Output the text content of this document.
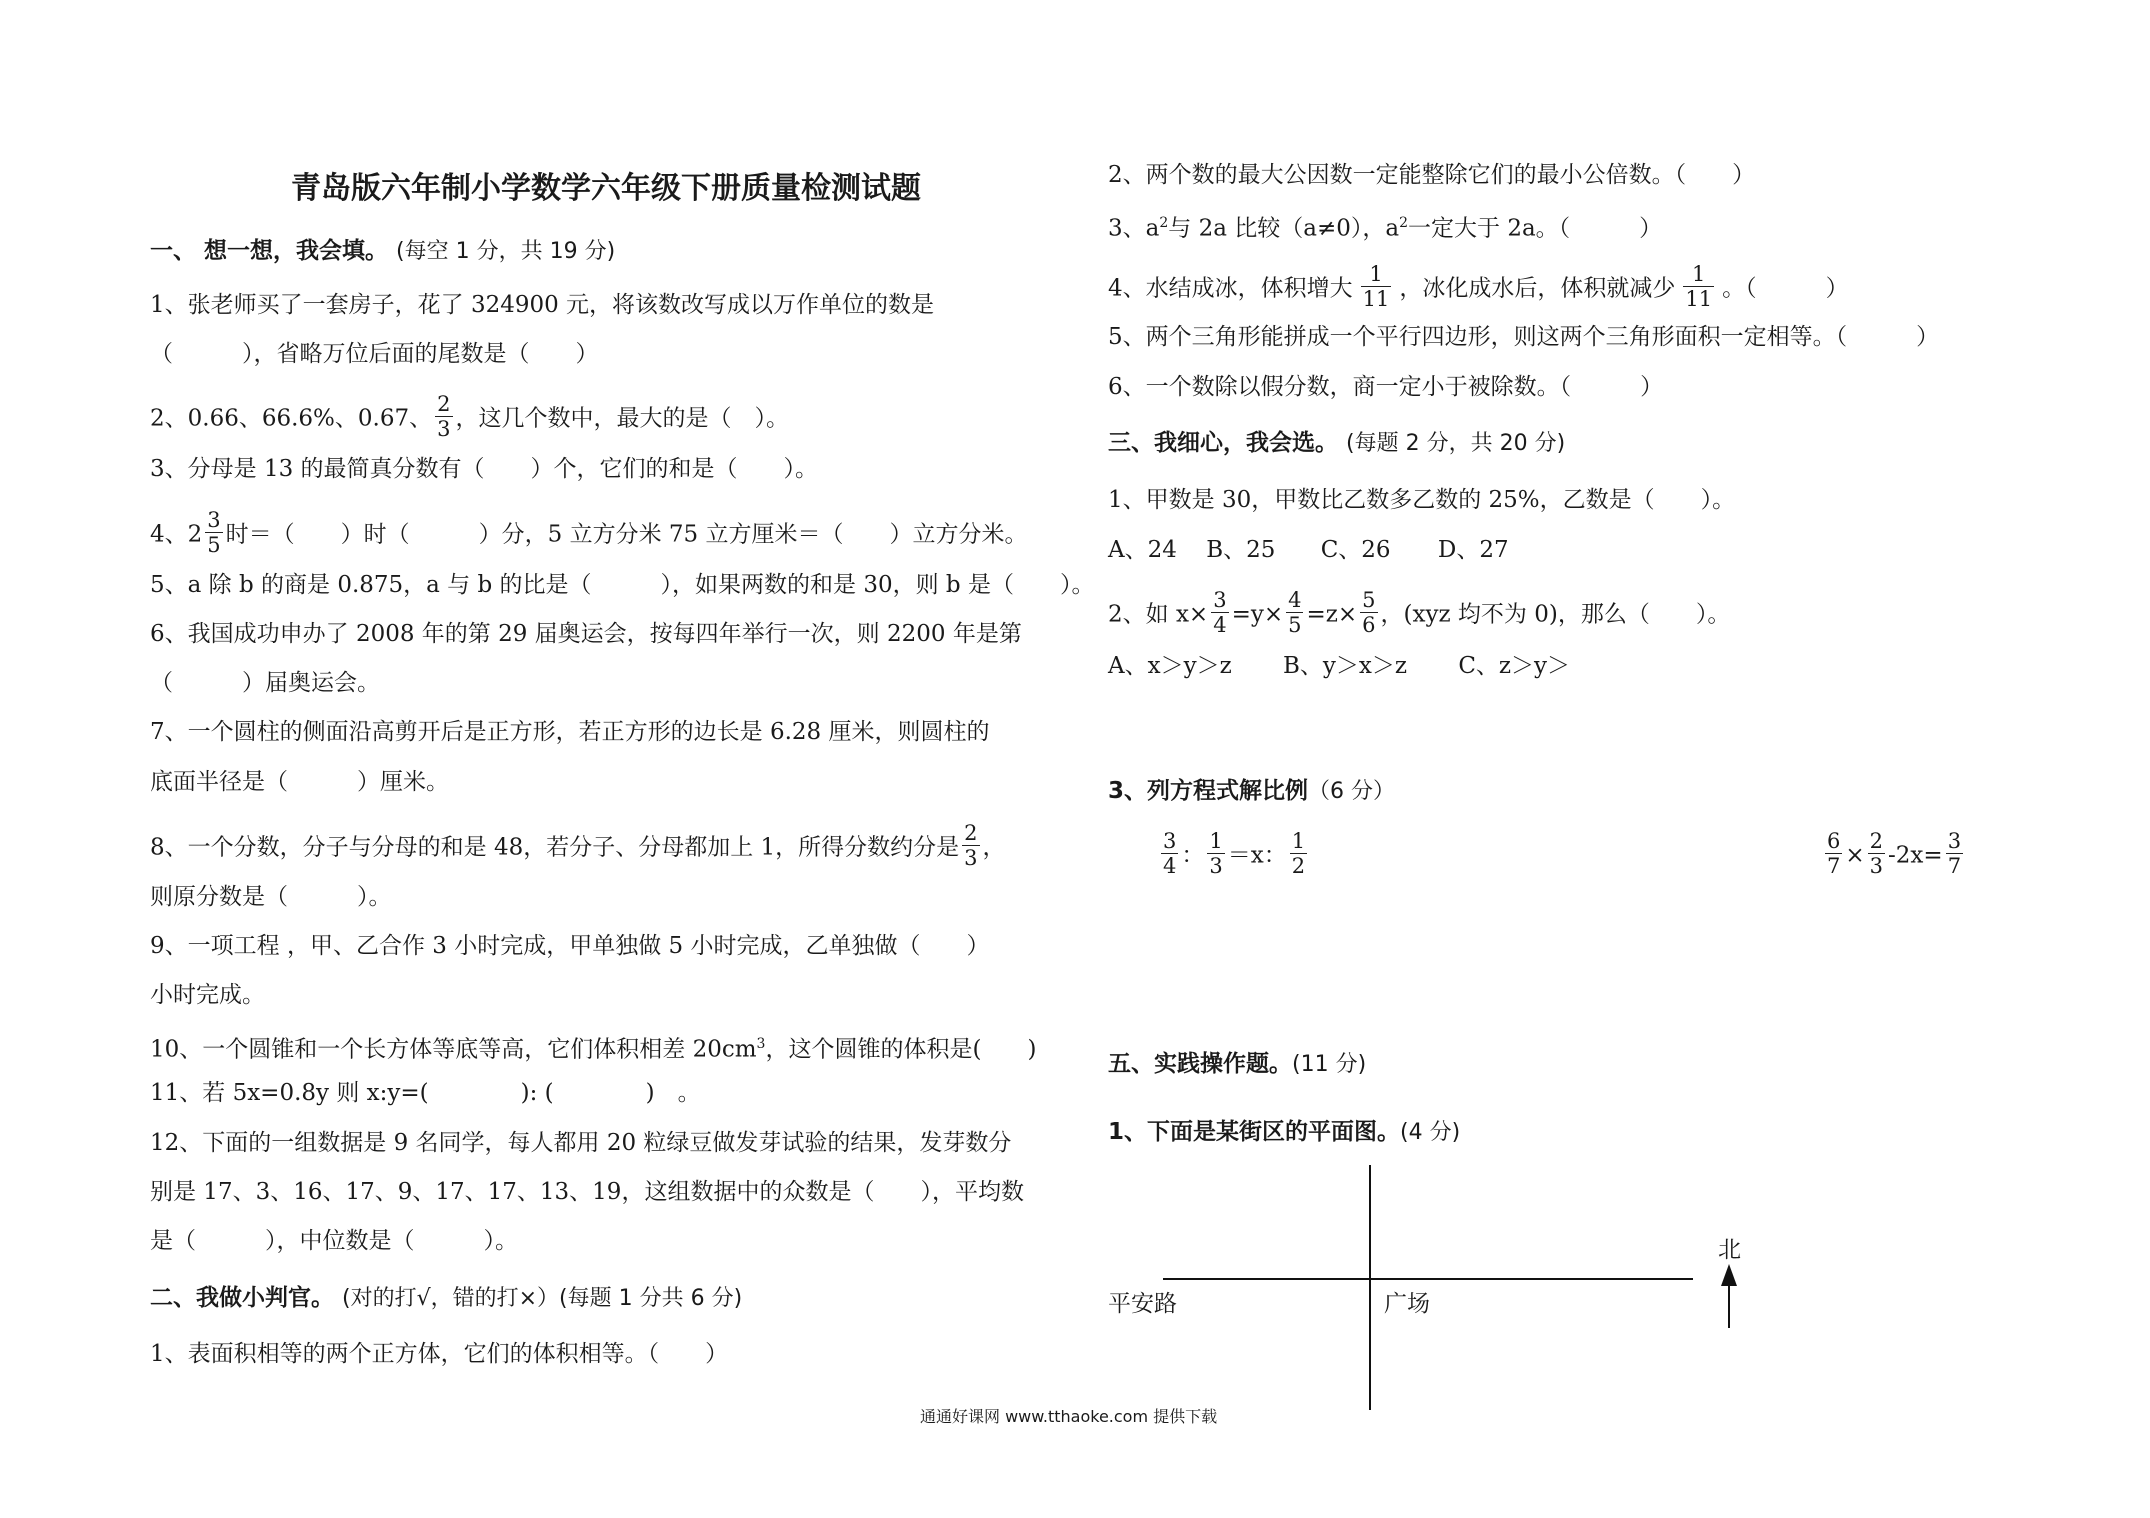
青岛版六年制小学数学六年级下册质量检测试题
一、 想一想，我会填。 (每空 1 分，共 19 分)
1、张老师买了一套房子，花了 324900 元，将该数改写成以万作单位的数是
（　　　），省略万位后面的尾数是（　　）
2、0.66、66.6%、0.67、 $\frac{2}{3}$ ，这几个数中，最大的是（　）。
3、分母是 13 的最简真分数有（　　）个，它们的和是（　　）。
4、$2 \frac{3}{5}$ 时＝（　　）时（　　　）分，5 立方分米 75 立方厘米＝（　　）立方分米。
5、a 除 b 的商是 0.875，a 与 b 的比是（　　　），如果两数的和是 30，则 b 是（　　）。
6、我国成功申办了 2008 年的第 29 届奥运会，按每四年举行一次，则 2200 年是第
（　　　）届奥运会。
7、一个圆柱的侧面沿高剪开后是正方形，若正方形的边长是 6.28 厘米，则圆柱的
底面半径是（　　　）厘米。
8、一个分数，分子与分母的和是 48，若分子、分母都加上 1，所得分数约分是 $\frac{2}{3}$ ，
则原分数是（　　　）。
9、一项工程 ，甲、乙合作 3 小时完成，甲单独做 5 小时完成，乙单独做（　　）
小时完成。
10、一个圆锥和一个长方体等底等高，它们体积相差 $20cm^3$，这个圆锥的体积是(　　)
11、若 5x=0.8y 则 x:y=(　　　　): (　　　　)　。
12、下面的一组数据是 9 名同学，每人都用 20 粒绿豆做发芽试验的结果，发芽数分
别是 17、3、16、17、9、17、17、13、19，这组数据中的众数是（　　），平均数
是（　　　），中位数是（　　　）。
二、我做小判官。 (对的打√，错的打×）(每题 1 分共 6 分)
1、表面积相等的两个正方体，它们的体积相等。（　　）
2、两个数的最大公因数一定能整除它们的最小公倍数。（　　）
3、$a^2$与 2a 比较（a≠0），$a^2$一定大于 2a。（　　　）
4、水结成冰，体积增大 $\frac{1}{11}$ ，冰化成水后，体积就减少 $\frac{1}{11}$ 。（　　　）
5、两个三角形能拼成一个平行四边形，则这两个三角形面积一定相等。（　　　）
6、一个数除以假分数，商一定小于被除数。（　　　）
三、我细心，我会选。 (每题 2 分，共 20 分)
1、甲数是 30，甲数比乙数多乙数的 25%，乙数是（　　）。
A、24 B、25 C、26 D、27
2、如 $x\times \frac{3}{4} =y\times \frac{4}{5} =z\times \frac{5}{6}$ ，(xyz 均不为 0)，那么（　　）。
A、x＞y＞z B、y＞x＞z C、z＞y＞
3、列方程式解比例（6 分）
$\frac{3}{4}$ ： $\frac{1}{3} =x$： $\frac{1}{2}$	$\frac{6}{7} \times \frac{2}{3} -2x= \frac{3}{7}$
五、实践操作题。(11 分)
1、下面是某街区的平面图。(4 分)
平安路	广场
北
通通好课网 www.tthaoke.com 提供下载
